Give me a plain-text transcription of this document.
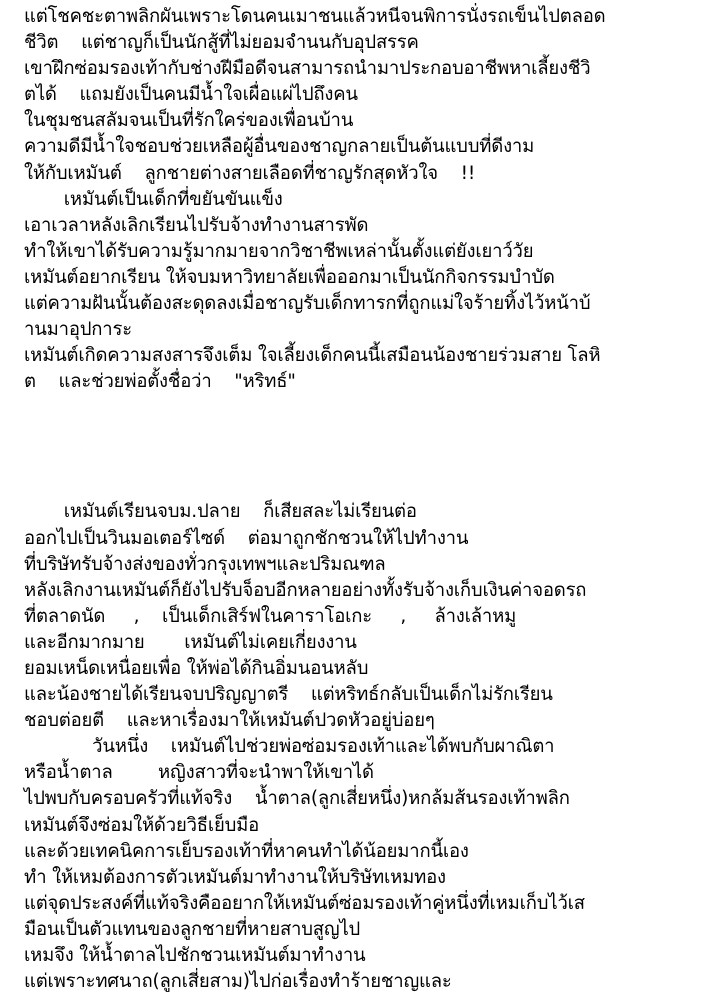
แต่โชคชะตาพลิกผันเพราะโดนคนเมาชนแล้วหนีจนพิการนั่งรถเข็นไปตลอด
ชีวิต    แต่ชาญก็เป็นนักสู้ที่ไม่ยอมจำนนกับอุปสรรค
เขาฝึกซ่อมรองเท้ากับช่างฝีมือดีจนสามารถนำมาประกอบอาชีพหาเลี้ยงชีวิ
ตได้    แถมยังเป็นคนมีน้ำใจเผื่อแผ่ไปถึงคน
ในชุมชนสลัมจนเป็นที่รักใคร่ของเพื่อนบ้าน
ความดีมีน้ำใจชอบช่วยเหลือผู้อื่นของชาญกลายเป็นต้นแบบที่ดีงาม
ให้กับเหมันต์    ลูกชายต่างสายเลือดที่ชาญรักสุดหัวใจ    !!
เหมันต์เป็นเด็กที่ขยันขันแข็ง
เอาเวลาหลังเลิกเรียนไปรับจ้างทำงานสารพัด
ทำให้เขาได้รับความรู้มากมายจากวิชาชีพเหล่านั้นตั้งแต่ยังเยาว์วัย
เหมันต์อยากเรียน ให้จบมหาวิทยาลัยเพื่อออกมาเป็นนักกิจกรรมบำบัด
แต่ความฝันนั้นต้องสะดุดลงเมื่อชาญรับเด็กทารกที่ถูกแม่ใจร้ายทิ้งไว้หน้าบ้
านมาอุปการะ
เหมันต์เกิดความสงสารจึงเต็ม ใจเลี้ยงเด็กคนนี้เสมือนน้องชายร่วมสาย โลหิ
ต    และช่วยพ่อตั้งชื่อว่า    "หริทธ์"
เหมันต์เรียนจบม.ปลาย    ก็เสียสละไม่เรียนต่อ
ออกไปเป็นวินมอเตอร์ไซด์    ต่อมาถูกชักชวนให้ไปทำงาน
ที่บริษัทรับจ้างส่งของทั่วกรุงเทพฯและปริมณฑล
หลังเลิกงานเหมันต์ก็ยังไปรับจ็อบอีกหลายอย่างทั้งรับจ้างเก็บเงินค่าจอดรถ
ที่ตลาดนัด     ,    เป็นเด็กเสิร์ฟในคาราโอเกะ     ,     ล้างเล้าหมู
และอีกมากมาย       เหมันต์ไม่เคยเกี่ยงงาน
ยอมเหน็ดเหนื่อยเพื่อ ให้พ่อได้กินอิ่มนอนหลับ
และน้องชายได้เรียนจบปริญญาตรี    แต่หริทธ์กลับเป็นเด็กไม่รักเรียน
ชอบต่อยตี    และหาเรื่องมาให้เหมันต์ปวดหัวอยู่บ่อยๆ
วันหนึ่ง    เหมันต์ไปช่วยพ่อซ่อมรองเท้าและได้พบกับผาณิตา
หรือน้ำตาล        หญิงสาวที่จะนำพาให้เขาได้
ไปพบกับครอบครัวที่แท้จริง    น้ำตาล(ลูกเสี่ยหนึ่ง)หกล้มส้นรองเท้าพลิก
เหมันต์จึงซ่อมให้ด้วยวิธีเย็บมือ
และด้วยเทคนิคการเย็บรองเท้าที่หาคนทำได้น้อยมากนี้เอง
ทำ ให้เหมต้องการตัวเหมันต์มาทำงานให้บริษัทเหมทอง
แต่จุดประสงค์ที่แท้จริงคืออยากให้เหมันต์ซ่อมรองเท้าคู่หนึ่งที่เหมเก็บไว้เส
มือนเป็นตัวแทนของลูกชายที่หายสาบสูญไป
เหมจึง ให้น้ำตาลไปชักชวนเหมันต์มาทำงาน
แต่เพราะทศนาถ(ลูกเสี่ยสาม)ไปก่อเรื่องทำร้ายชาญและ
